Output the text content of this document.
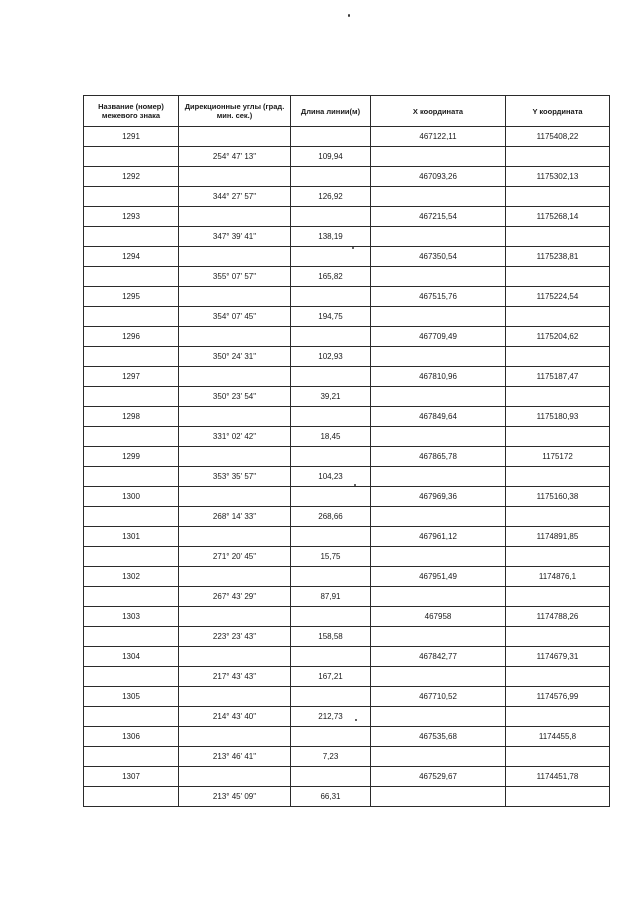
Название (номер) межевого знака	Дирекционные углы (град. мин. сек.)	Длина линии(м)	X координата	Y координата
1291			467122,11	1175408,22
	254° 47' 13"	109,94		
1292			467093,26	1175302,13
	344° 27' 57"	126,92		
1293			467215,54	1175268,14
	347° 39' 41"	138,19		
1294			467350,54	1175238,81
	355° 07' 57"	165,82		
1295			467515,76	1175224,54
	354° 07' 45"	194,75		
1296			467709,49	1175204,62
	350° 24' 31"	102,93		
1297			467810,96	1175187,47
	350° 23' 54"	39,21		
1298			467849,64	1175180,93
	331° 02' 42"	18,45		
1299			467865,78	1175172
	353° 35' 57"	104,23		
1300			467969,36	1175160,38
	268° 14' 33"	268,66		
1301			467961,12	1174891,85
	271° 20' 45"	15,75		
1302			467951,49	1174876,1
	267° 43' 29"	87,91		
1303			467958	1174788,26
	223° 23' 43"	158,58		
1304			467842,77	1174679,31
	217° 43' 43"	167,21		
1305			467710,52	1174576,99
	214° 43' 40"	212,73		
1306			467535,68	1174455,8
	213° 46' 41"	7,23		
1307			467529,67	1174451,78
	213° 45' 09"	66,31		
